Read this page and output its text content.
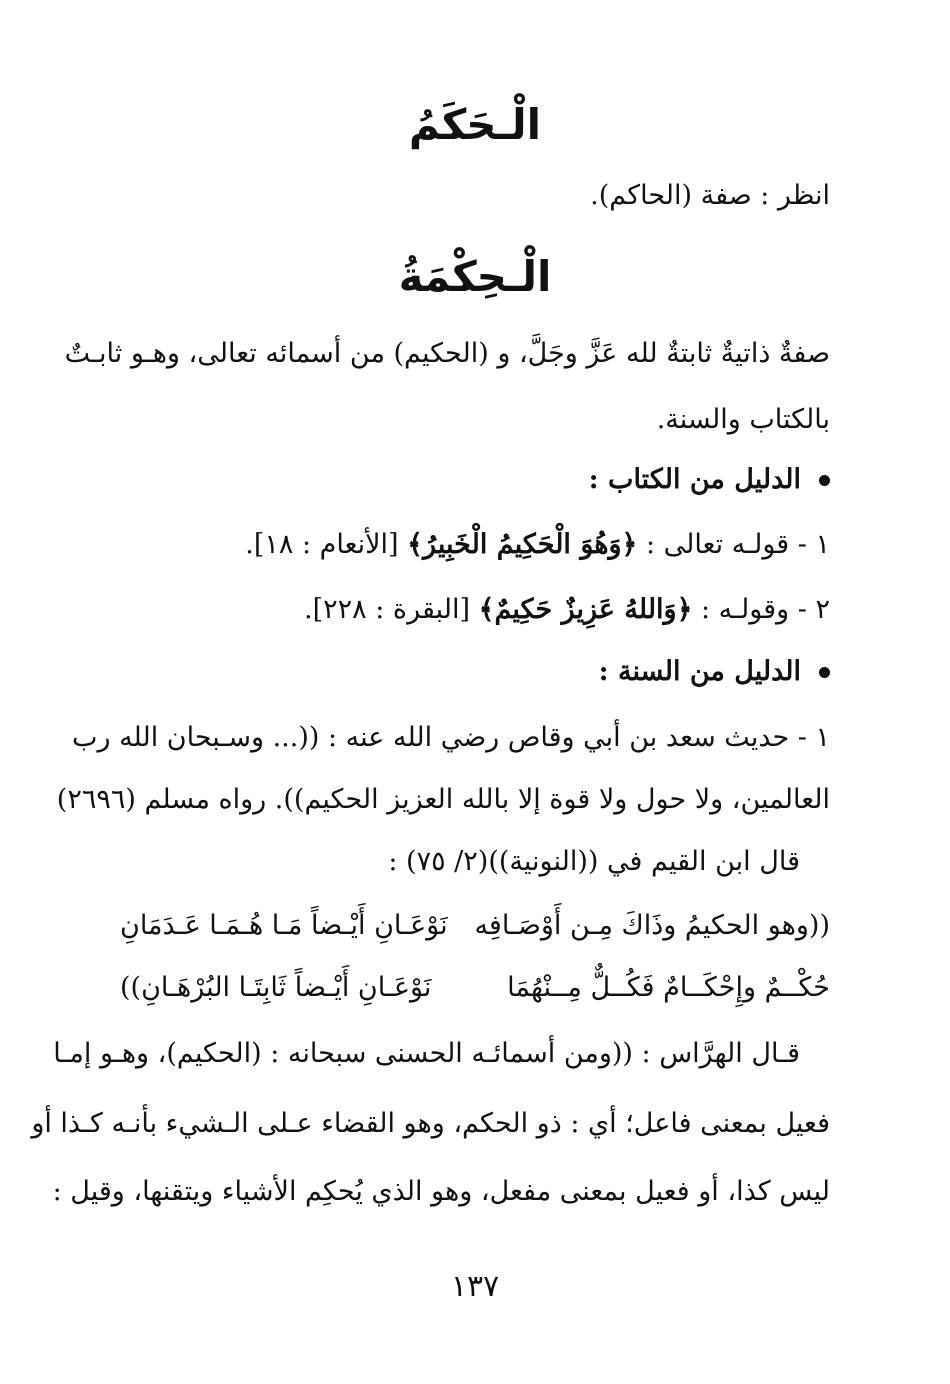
الْـحَكَمُ
انظر : صفة (الحاكم).
الْـحِكْمَةُ
صفةٌ ذاتيةٌ ثابتةٌ لله عَزَّ وجَلَّ، و (الحكيم) من أسمائه تعالى، وهـو ثابـتٌ
بالكتاب والسنة.
الدليل من الكتاب :
١ - قولـه تعالى : ﴿وَهُوَ الْحَكِيمُ الْخَبِيرُ﴾ [الأنعام : ١٨].
٢ - وقولـه : ﴿وَاللهُ عَزِيزٌ حَكِيمٌ﴾ [البقرة : ٢٢٨].
الدليل من السنة :
١ - حديث سعد بن أبي وقاص رضي الله عنه : ((... وسـبحان الله رب
العالمين، ولا حول ولا قوة إلا بالله العزيز الحكيم)). رواه مسلم (٢٦٩٦)
قال ابن القيم في ((النونية))(٢/ ٧٥) :
((وهو الحكيمُ وذَاكَ مِـن أَوْصَـافِه
نَوْعَـانِ أَيْـضاً مَـا هُـمَـا عَـدَمَانِ
حُكْــمٌ وإِحْكَــامٌ فَكُــلٌّ مِــنْهُمَا
نَوْعَـانِ أَيْـضاً ثَابِتَـا البُرْهَـانِ))
قـال الهرَّاس : ((ومن أسمائـه الحسنى سبحانه : (الحكيم)، وهـو إمـا
فعيل بمعنى فاعل؛ أي : ذو الحكم، وهو القضاء عـلى الـشيء بأنـه كـذا أو
ليس كذا، أو فعيل بمعنى مفعل، وهو الذي يُحكِم الأشياء ويتقنها، وقيل :
١٣٧
